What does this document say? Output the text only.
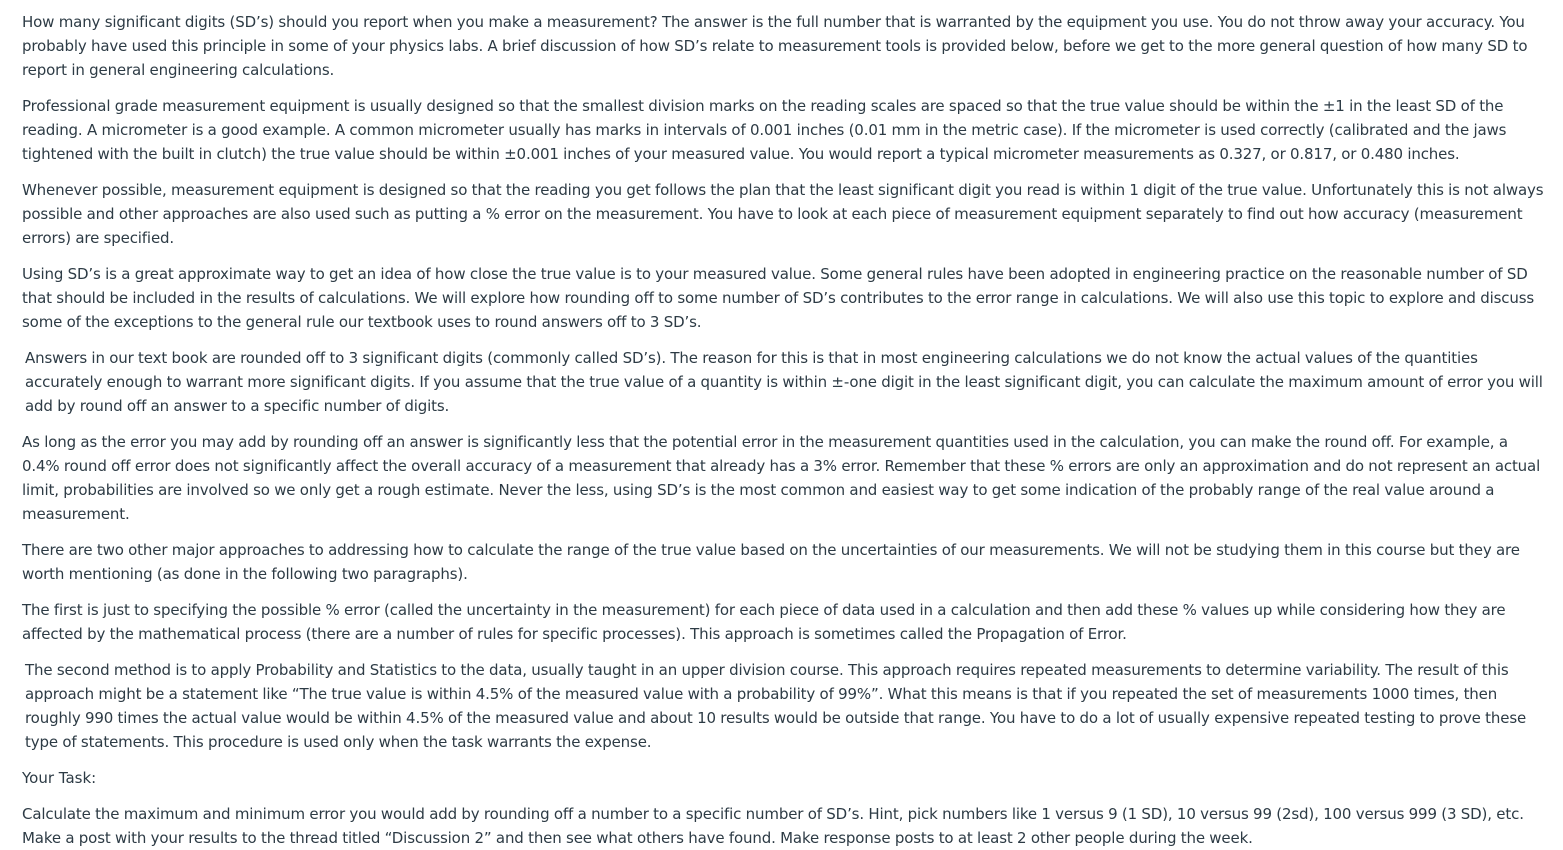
How many significant digits (SD’s) should you report when you make a measurement? The answer is the full number that is warranted by the equipment you use. You do not throw away your accuracy. You probably have used this principle in some of your physics labs. A brief discussion of how SD’s relate to measurement tools is provided below, before we get to the more general question of how many SD to report in general engineering calculations.

Professional grade measurement equipment is usually designed so that the smallest division marks on the reading scales are spaced so that the true value should be within the ±1 in the least SD of the reading. A micrometer is a good example. A common micrometer usually has marks in intervals of 0.001 inches (0.01 mm in the metric case). If the micrometer is used correctly (calibrated and the jaws tightened with the built in clutch) the true value should be within ±0.001 inches of your measured value. You would report a typical micrometer measurements as 0.327, or 0.817, or 0.480 inches.

Whenever possible, measurement equipment is designed so that the reading you get follows the plan that the least significant digit you read is within 1 digit of the true value. Unfortunately this is not always possible and other approaches are also used such as putting a % error on the measurement. You have to look at each piece of measurement equipment separately to find out how accuracy (measurement errors) are specified.

Using SD’s is a great approximate way to get an idea of how close the true value is to your measured value. Some general rules have been adopted in engineering practice on the reasonable number of SD that should be included in the results of calculations. We will explore how rounding off to some number of SD’s contributes to the error range in calculations. We will also use this topic to explore and discuss some of the exceptions to the general rule our textbook uses to round answers off to 3 SD’s.

Answers in our text book are rounded off to 3 significant digits (commonly called SD’s). The reason for this is that in most engineering calculations we do not know the actual values of the quantities accurately enough to warrant more significant digits. If you assume that the true value of a quantity is within ±-one digit in the least significant digit, you can calculate the maximum amount of error you will add by round off an answer to a specific number of digits.

As long as the error you may add by rounding off an answer is significantly less that the potential error in the measurement quantities used in the calculation, you can make the round off. For example, a 0.4% round off error does not significantly affect the overall accuracy of a measurement that already has a 3% error. Remember that these % errors are only an approximation and do not represent an actual limit, probabilities are involved so we only get a rough estimate. Never the less, using SD’s is the most common and easiest way to get some indication of the probably range of the real value around a measurement.

There are two other major approaches to addressing how to calculate the range of the true value based on the uncertainties of our measurements. We will not be studying them in this course but they are worth mentioning (as done in the following two paragraphs).

The first is just to specifying the possible % error (called the uncertainty in the measurement) for each piece of data used in a calculation and then add these % values up while considering how they are affected by the mathematical process (there are a number of rules for specific processes). This approach is sometimes called the Propagation of Error.

The second method is to apply Probability and Statistics to the data, usually taught in an upper division course. This approach requires repeated measurements to determine variability. The result of this approach might be a statement like “The true value is within 4.5% of the measured value with a probability of 99%”. What this means is that if you repeated the set of measurements 1000 times, then roughly 990 times the actual value would be within 4.5% of the measured value and about 10 results would be outside that range. You have to do a lot of usually expensive repeated testing to prove these type of statements. This procedure is used only when the task warrants the expense.

Your Task:

Calculate the maximum and minimum error you would add by rounding off a number to a specific number of SD’s. Hint, pick numbers like 1 versus 9 (1 SD), 10 versus 99 (2sd), 100 versus 999 (3 SD), etc. Make a post with your results to the thread titled “Discussion 2” and then see what others have found. Make response posts to at least 2 other people during the week.
